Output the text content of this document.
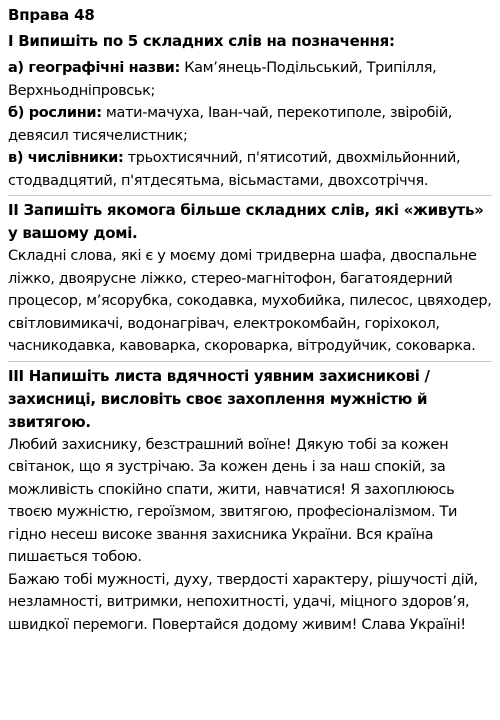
Вправа 48
I Випишіть по 5 складних слів на позначення:
а) географічні назви: Кам’янець-Подільський, Трипілля, Верхньодніпровськ;
б) рослини: мати-мачуха, Іван-чай, перекотиполе, звіробій, девясил тисячелистник;
в) числівники: трьохтисячний, п'ятисотий, двохмільйонний, стодвадцятий, п'ятдесятьма, вісьмастами, двохсотріччя.
II Запишіть якомога більше складних слів, які «живуть» у вашому домі.
Складні слова, які є у моєму домі тридверна шафа, двоспальне ліжко, двоярусне ліжко, стерео-магнітофон, багатоядерний процесор, м’ясорубка, сокодавка, мухобийка, пилесос, цвяходер, світловимикачі, водонагрівач, електрокомбайн, горіхокол, часникодавка, кавоварка, скороварка, вітродуйчик, соковарка.
III Напишіть листа вдячності уявним захисникові / захисниці, висловіть своє захоплення мужністю й звитягою.
Любий захиснику, безстрашний воїне! Дякую тобі за кожен світанок, що я зустрічаю. За кожен день і за наш спокій, за можливість спокійно спати, жити, навчатися! Я захоплююсь твоєю мужністю, героїзмом, звитягою, професіоналізмом. Ти гідно несеш високе звання захисника України. Вся країна пишається тобою.
Бажаю тобі мужності, духу, твердості характеру, рішучості дій, незламності, витримки, непохитності, удачі, міцного здоров’я, швидкої перемоги. Повертайся додому живим! Слава Україні!
